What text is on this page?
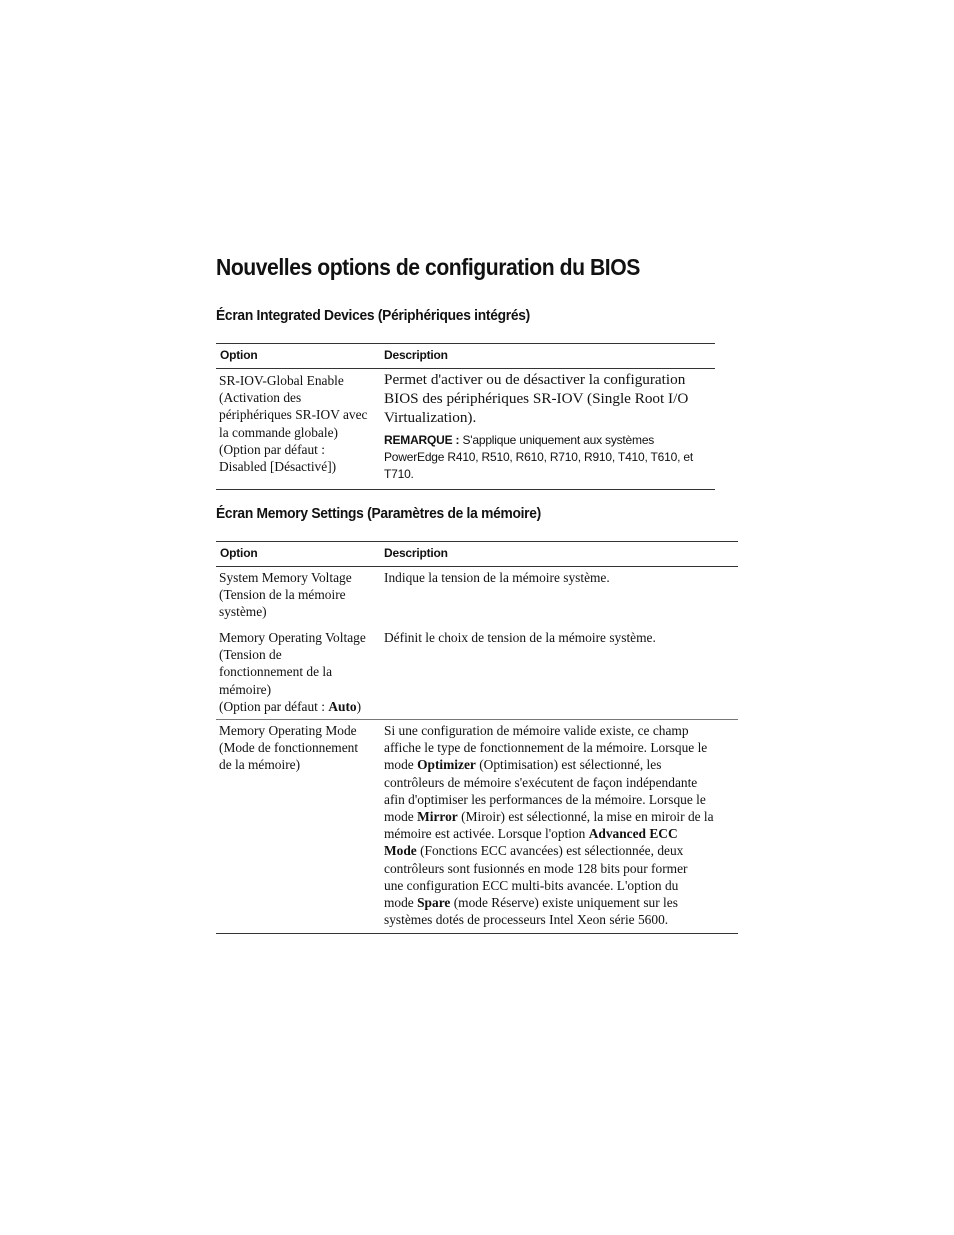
Nouvelles options de configuration du BIOS
Écran Integrated Devices (Périphériques intégrés)
Option	Description
SR-IOV-Global Enable
(Activation des
périphériques SR-IOV avec
la commande globale)
(Option par défaut :
Disabled [Désactivé])
Permet d'activer ou de désactiver la configuration
BIOS des périphériques SR-IOV (Single Root I/O
Virtualization).
REMARQUE : S'applique uniquement aux systèmes
PowerEdge R410, R510, R610, R710, R910, T410, T610, et
T710.
Écran Memory Settings (Paramètres de la mémoire)
Option	Description
System Memory Voltage
(Tension de la mémoire
système)
Indique la tension de la mémoire système.
Memory Operating Voltage
(Tension de
fonctionnement de la
mémoire)
(Option par défaut : Auto)
Définit le choix de tension de la mémoire système.
Memory Operating Mode
(Mode de fonctionnement
de la mémoire)
Si une configuration de mémoire valide existe, ce champ
affiche le type de fonctionnement de la mémoire. Lorsque le
mode Optimizer (Optimisation) est sélectionné, les
contrôleurs de mémoire s'exécutent de façon indépendante
afin d'optimiser les performances de la mémoire. Lorsque le
mode Mirror (Miroir) est sélectionné, la mise en miroir de la
mémoire est activée. Lorsque l'option Advanced ECC
Mode (Fonctions ECC avancées) est sélectionnée, deux
contrôleurs sont fusionnés en mode 128 bits pour former
une configuration ECC multi-bits avancée. L'option du
mode Spare (mode Réserve) existe uniquement sur les
systèmes dotés de processeurs Intel Xeon série 5600.
